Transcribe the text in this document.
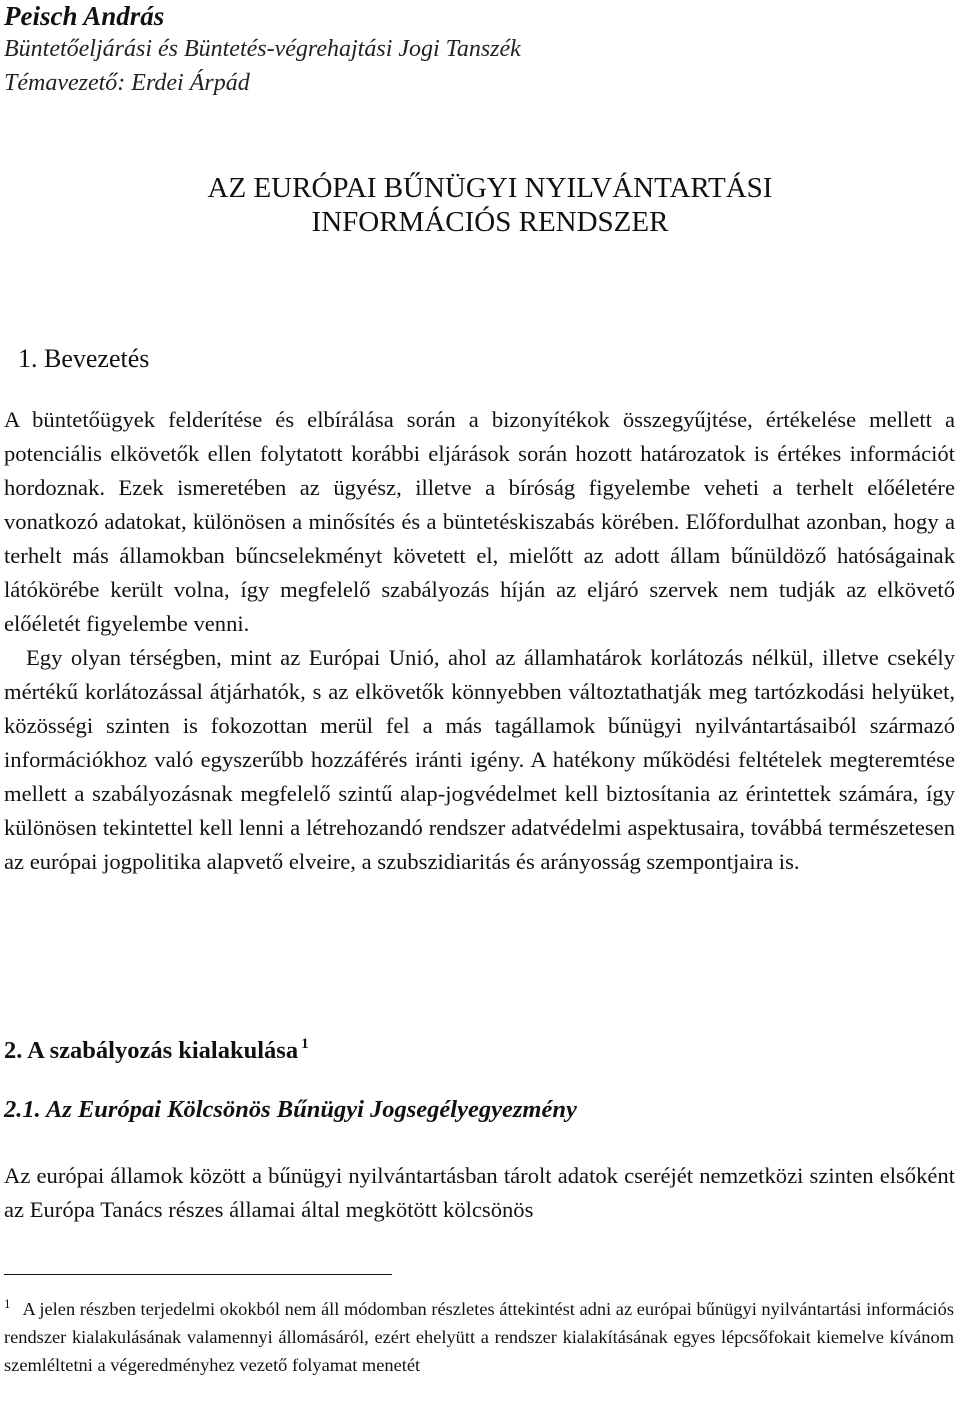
Peisch András
Büntetőeljárási és Büntetés-végrehajtási Jogi Tanszék
Témavezető: Erdei Árpád
AZ EURÓPAI BŰNÜGYI NYILVÁNTARTÁSI
INFORMÁCIÓS RENDSZER
1. Bevezetés

A büntetőügyek felderítése és elbírálása során a bizonyítékok összegyűjtése, értékelése mellett a potenciális elkövetők ellen folytatott korábbi eljárások során hozott határozatok is értékes információt hordoznak. Ezek ismeretében az ügyész, illetve a bíróság figyelembe veheti a terhelt előéletére vonatkozó adatokat, különösen a minősítés és a büntetéskiszabás körében. Előfordulhat azonban, hogy a terhelt más államokban bűncselekményt követett el, mielőtt az adott állam bűnüldöző hatóságainak látókörébe került volna, így megfelelő szabályozás híján az eljáró szervek nem tudják az elkövető előéletét figyelembe venni.

Egy olyan térségben, mint az Európai Unió, ahol az államhatárok korlátozás nélkül, illetve csekély mértékű korlátozással átjárhatók, s az elkövetők könnyebben változtathatják meg tartózkodási helyüket, közösségi szinten is fokozottan merül fel a más tagállamok bűnügyi nyilvántartásaiból származó információkhoz való egyszerűbb hozzáférés iránti igény. A hatékony működési feltételek megteremtése mellett a szabályozásnak megfelelő szintű alap-jogvédelmet kell biztosítania az érintettek számára, így különösen tekintettel kell lenni a létrehozandó rendszer adatvédelmi aspektusaira, továbbá természetesen az európai jogpolitika alapvető elveire, a szubszidiaritás és arányosság szempontjaira is.

2. A szabályozás kialakulása $^1$
2.1. Az Európai Kölcsönös Bűnügyi Jogsegélyegyezmény

Az európai államok között a bűnügyi nyilvántartásban tárolt adatok cseréjét nemzetközi szinten elsőként az Európa Tanács részes államai által megkötött kölcsönös

$^1$ A jelen részben terjedelmi okokból nem áll módomban részletes áttekintést adni az európai bűnügyi nyilvántartási információs rendszer kialakulásának valamennyi állomásáról, ezért ehelyütt a rendszer kialakításának egyes lépcsőfokait kiemelve kívánom szemléltetni a végeredményhez vezető folyamat menetét
